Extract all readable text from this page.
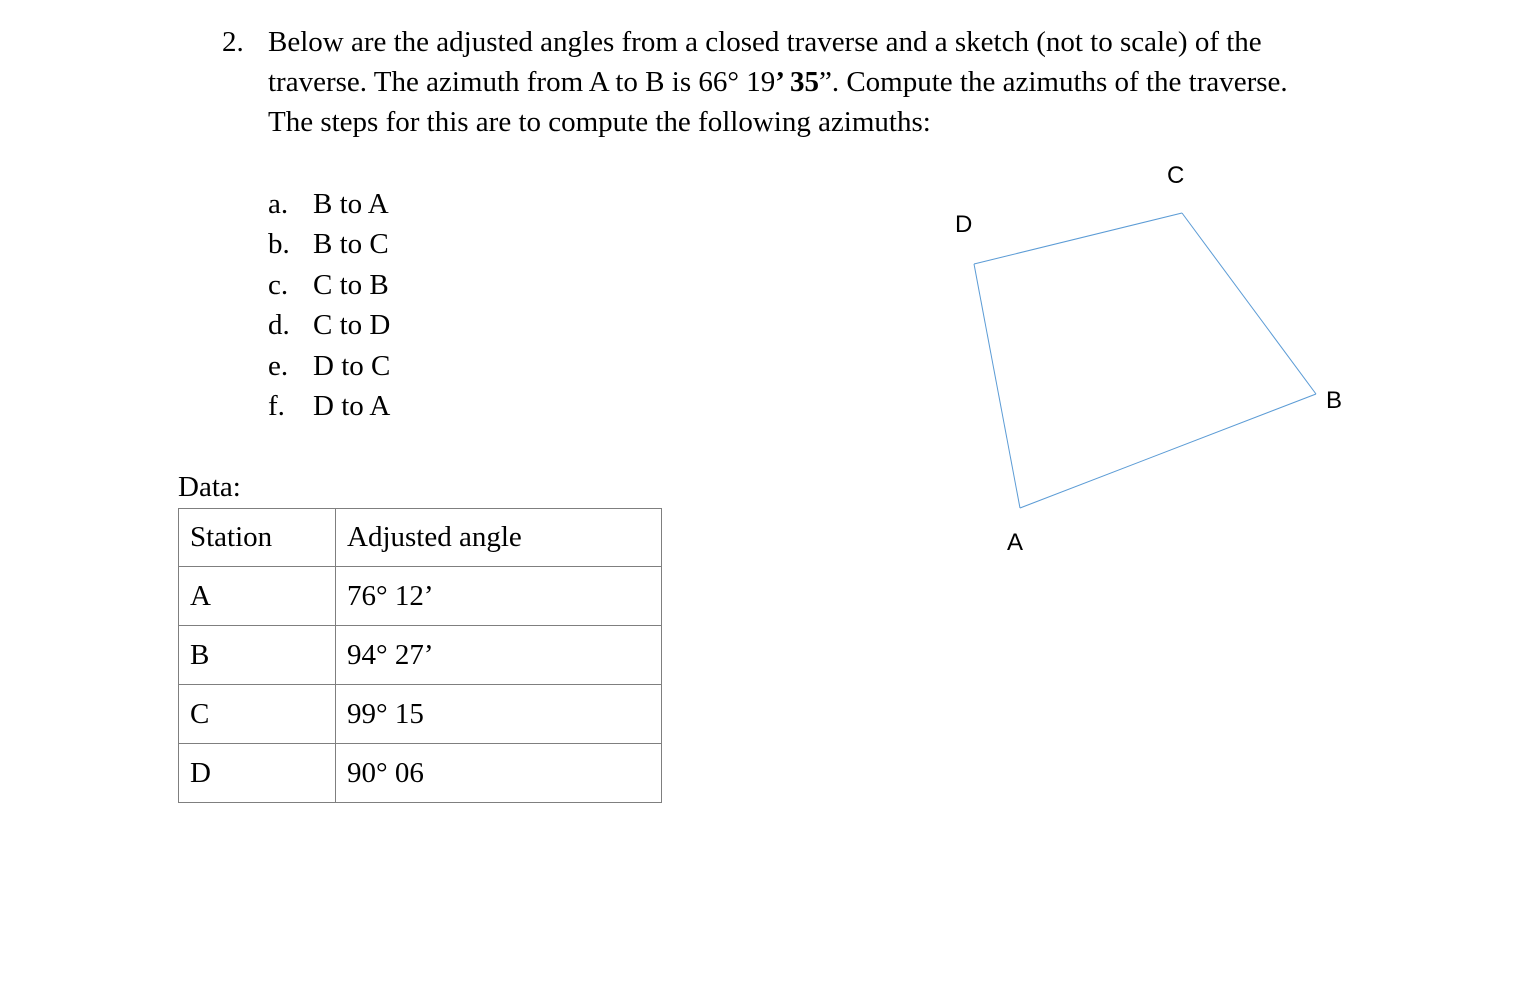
2. Below are the adjusted angles from a closed traverse and a sketch (not to scale) of the
traverse. The azimuth from A to B is 66° 19’ 35”. Compute the azimuths of the traverse.
The steps for this are to compute the following azimuths:
a. B to A
b. B to C
c. C to B
d. C to D
e. D to C
f. D to A
Data:
Station	Adjusted angle
A	76° 12’
B	94° 27’
C	99° 15
D	90° 06
A
B
C
D
